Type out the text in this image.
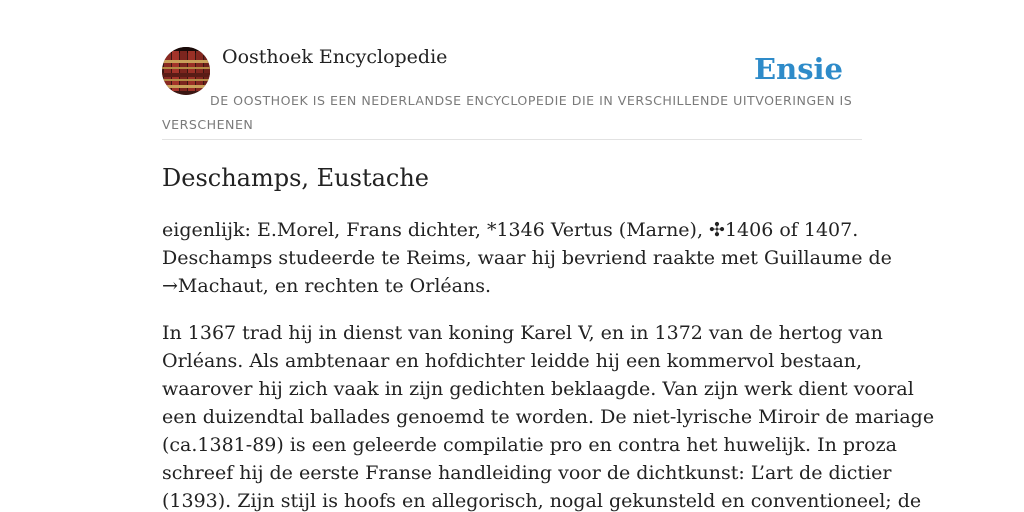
Oosthoek Encyclopedie	Ensie

DE OOSTHOEK IS EEN NEDERLANDSE ENCYCLOPEDIE DIE IN VERSCHILLENDE UITVOERINGEN IS VERSCHENEN

Deschamps, Eustache

eigenlijk: E.Morel, Frans dichter, *1346 Vertus (Marne), ✣1406 of 1407.
Deschamps studeerde te Reims, waar hij bevriend raakte met Guillaume de
→Machaut, en rechten te Orléans.

In 1367 trad hij in dienst van koning Karel V, en in 1372 van de hertog van
Orléans. Als ambtenaar en hofdichter leidde hij een kommervol bestaan,
waarover hij zich vaak in zijn gedichten beklaagde. Van zijn werk dient vooral
een duizendtal ballades genoemd te worden. De niet-lyrische Miroir de mariage
(ca.1381-89) is een geleerde compilatie pro en contra het huwelijk. In proza
schreef hij de eerste Franse handleiding voor de dichtkunst: L’art de dictier
(1393). Zijn stijl is hoofs en allegorisch, nogal gekunsteld en conventioneel; de
